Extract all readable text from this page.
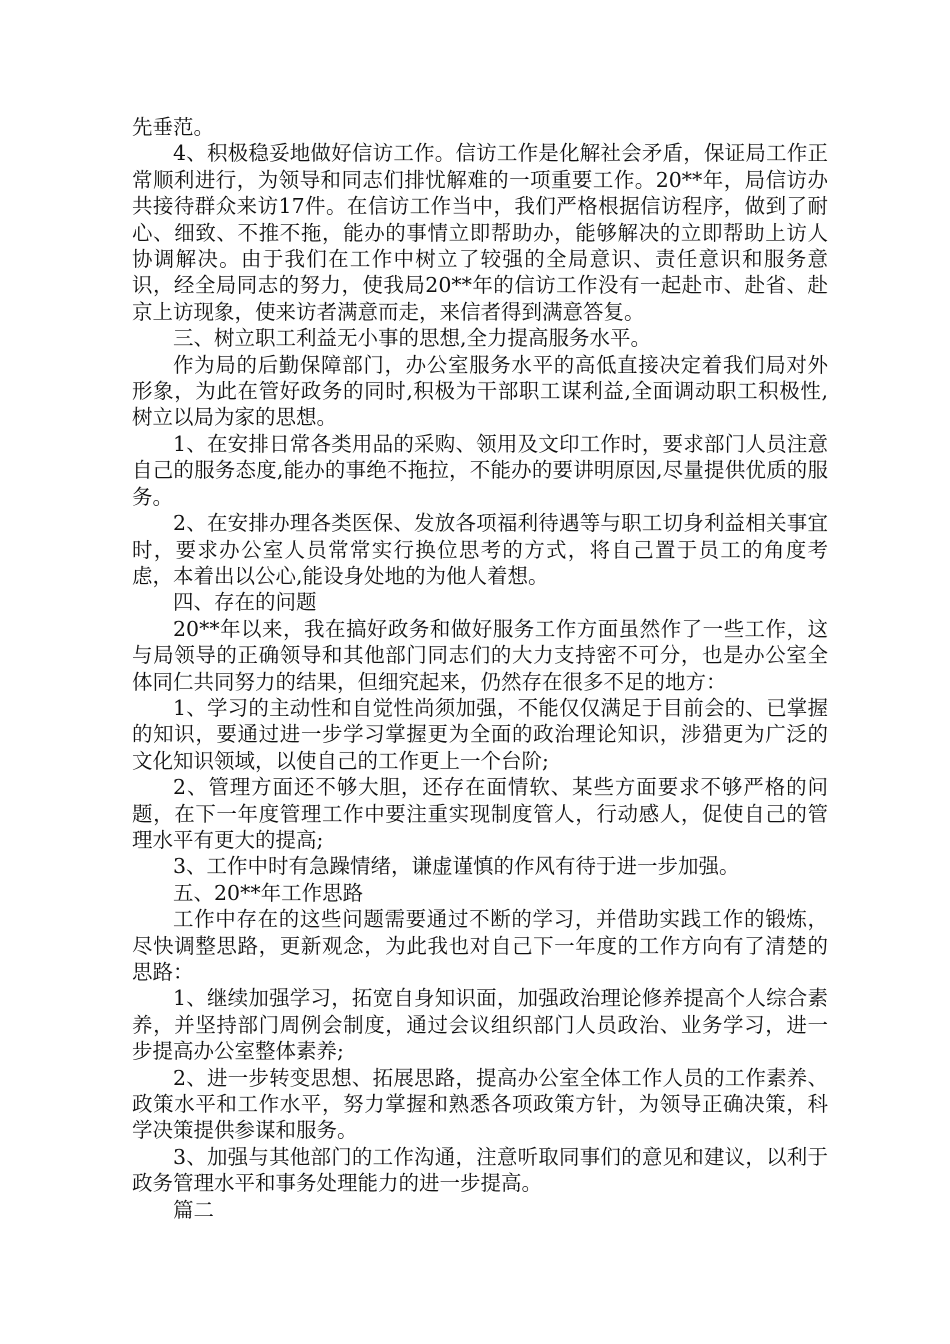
先垂范。

4、积极稳妥地做好信访工作。信访工作是化解社会矛盾，保证局工作正常顺利进行，为领导和同志们排忧解难的一项重要工作。20**年，局信访办共接待群众来访17件。在信访工作当中，我们严格根据信访程序，做到了耐心、细致、不推不拖，能办的事情立即帮助办，能够解决的立即帮助上访人协调解决。由于我们在工作中树立了较强的全局意识、责任意识和服务意识，经全局同志的努力，使我局20**年的信访工作没有一起赴市、赴省、赴京上访现象，使来访者满意而走，来信者得到满意答复。

三、树立职工利益无小事的思想,全力提高服务水平。

作为局的后勤保障部门，办公室服务水平的高低直接决定着我们局对外形象，为此在管好政务的同时,积极为干部职工谋利益,全面调动职工积极性,树立以局为家的思想。

1、在安排日常各类用品的采购、领用及文印工作时，要求部门人员注意自己的服务态度,能办的事绝不拖拉，不能办的要讲明原因,尽量提供优质的服务。

2、在安排办理各类医保、发放各项福利待遇等与职工切身利益相关事宜时，要求办公室人员常常实行换位思考的方式，将自己置于员工的角度考虑，本着出以公心,能设身处地的为他人着想。

四、存在的问题

20**年以来，我在搞好政务和做好服务工作方面虽然作了一些工作，这与局领导的正确领导和其他部门同志们的大力支持密不可分，也是办公室全体同仁共同努力的结果，但细究起来，仍然存在很多不足的地方：

1、学习的主动性和自觉性尚须加强，不能仅仅满足于目前会的、已掌握的知识，要通过进一步学习掌握更为全面的政治理论知识，涉猎更为广泛的文化知识领域，以使自己的工作更上一个台阶;

2、管理方面还不够大胆，还存在面情软、某些方面要求不够严格的问题，在下一年度管理工作中要注重实现制度管人，行动感人，促使自己的管理水平有更大的提高;

3、工作中时有急躁情绪，谦虚谨慎的作风有待于进一步加强。

五、20**年工作思路

工作中存在的这些问题需要通过不断的学习，并借助实践工作的锻炼，尽快调整思路，更新观念，为此我也对自己下一年度的工作方向有了清楚的思路：

1、继续加强学习，拓宽自身知识面，加强政治理论修养提高个人综合素养，并坚持部门周例会制度，通过会议组织部门人员政治、业务学习，进一步提高办公室整体素养;

2、进一步转变思想、拓展思路，提高办公室全体工作人员的工作素养、政策水平和工作水平，努力掌握和熟悉各项政策方针，为领导正确决策，科学决策提供参谋和服务。

3、加强与其他部门的工作沟通，注意听取同事们的意见和建议，以利于政务管理水平和事务处理能力的进一步提高。

篇二
